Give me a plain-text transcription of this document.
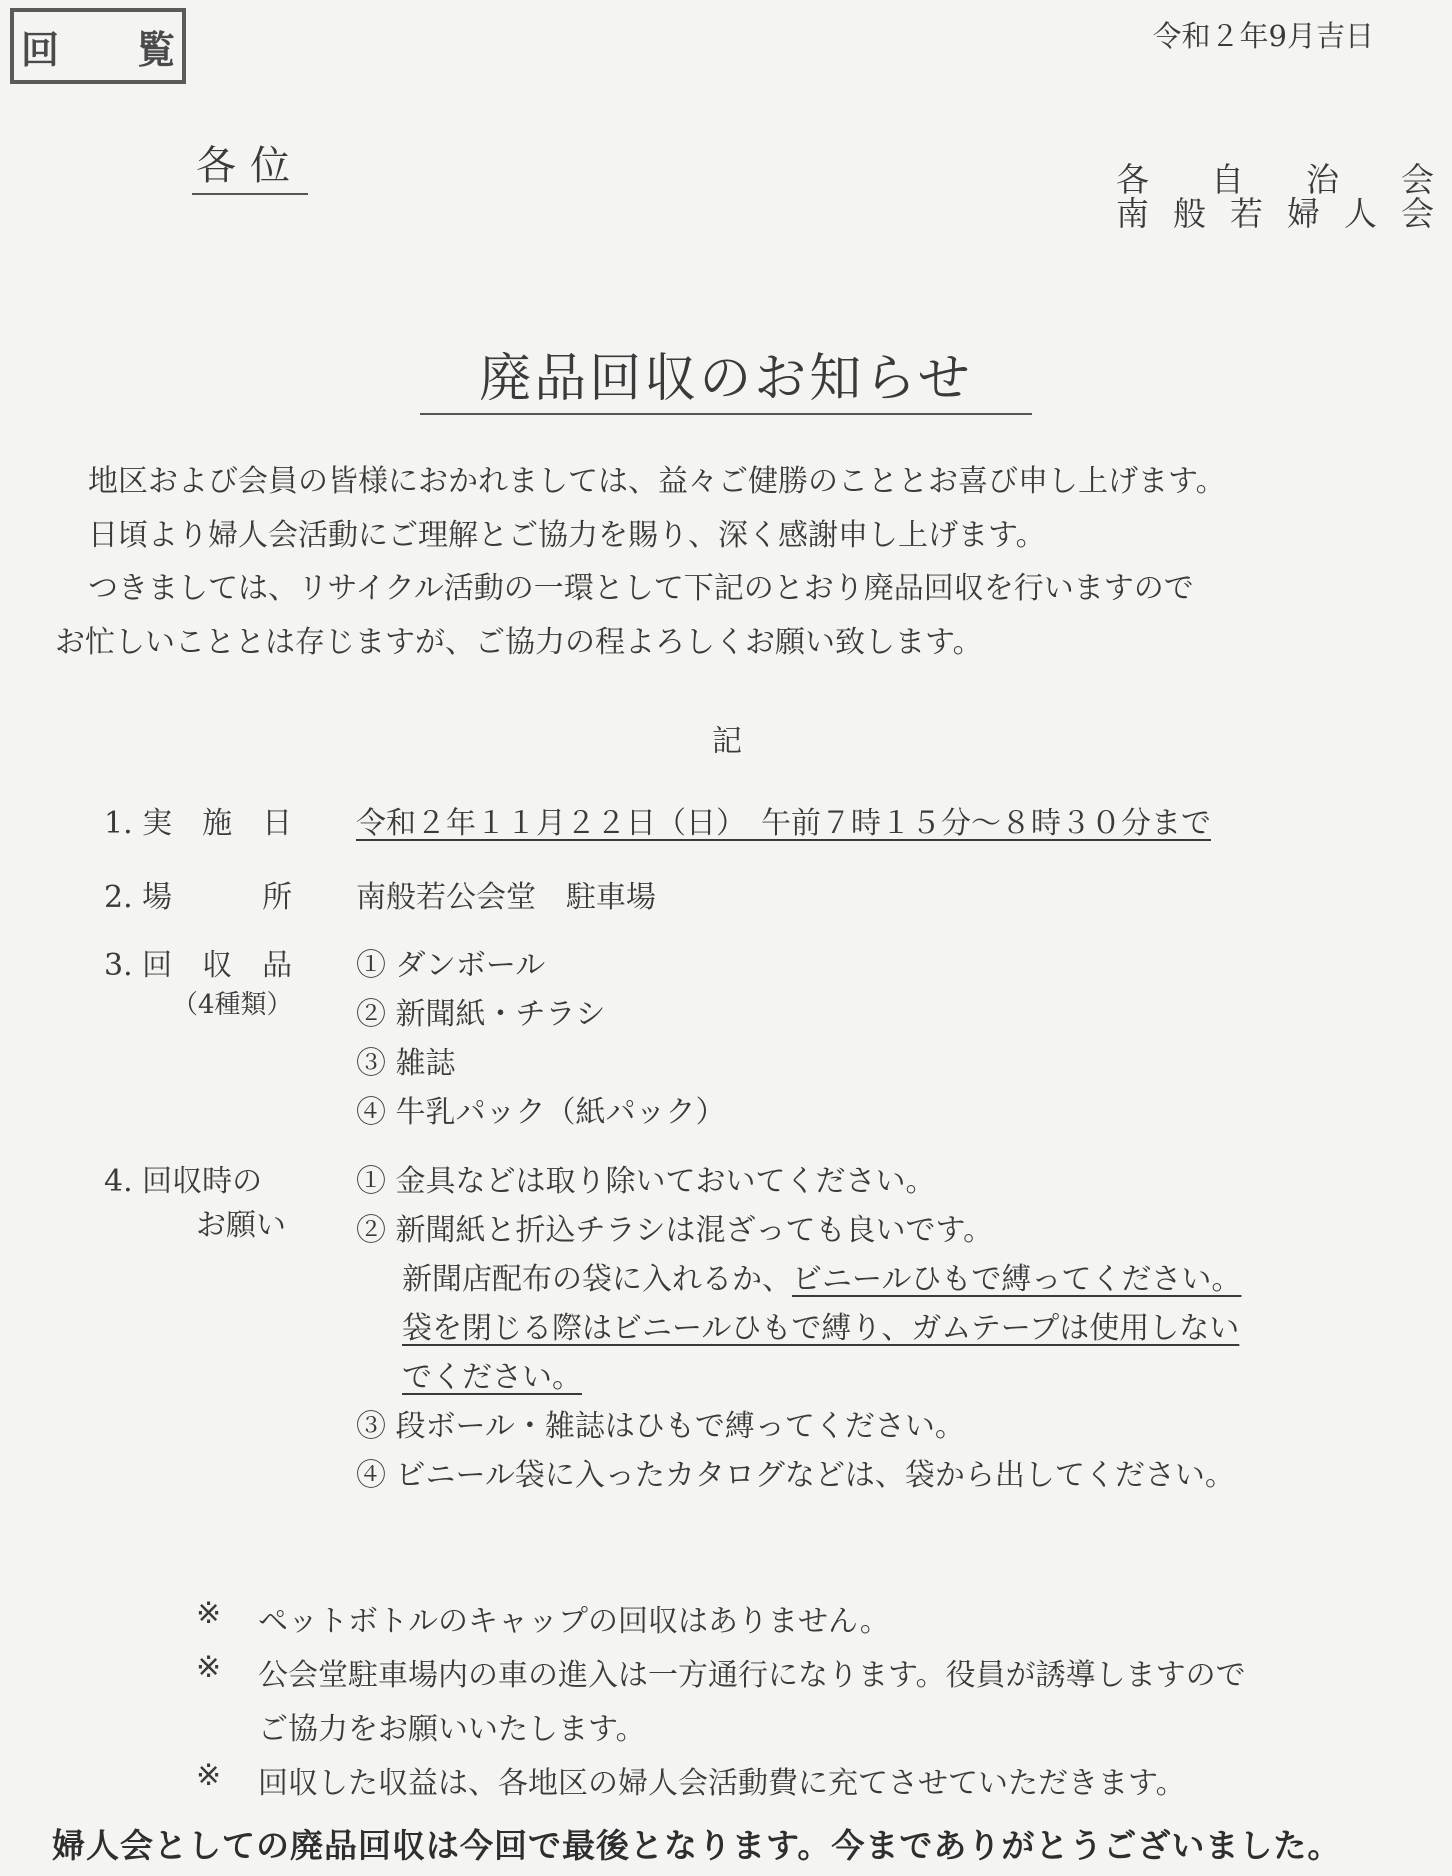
回　覧	令和２年9月吉日
各位	各 自 治 会
南 般 若 婦 人 会
廃品回収のお知らせ
地区および会員の皆様におかれましては、益々ご健勝のこととお喜び申し上げます。
日頃より婦人会活動にご理解とご協力を賜り、深く感謝申し上げます。
つきましては、リサイクル活動の一環として下記のとおり廃品回収を行いますので
お忙しいこととは存じますが、ご協力の程よろしくお願い致します。
記
1. 実　施　日 令和２年１１月２２日（日）　午前７時１５分～８時３０分まで
2. 場　　　所 南般若公会堂　駐車場
3. 回　収　品
（4種類）
① ダンボール
② 新聞紙・チラシ
③ 雑誌
④ 牛乳パック（紙パック）
4. 回収時の
お願い
① 金具などは取り除いておいてください。
② 新聞紙と折込チラシは混ざっても良いです。
新聞店配布の袋に入れるか、ビニールひもで縛ってください。
袋を閉じる際はビニールひもで縛り、ガムテープは使用しない
でください。
③ 段ボール・雑誌はひもで縛ってください。
④ ビニール袋に入ったカタログなどは、袋から出してください。
※ ペットボトルのキャップの回収はありません。
※ 公会堂駐車場内の車の進入は一方通行になります。役員が誘導しますので
ご協力をお願いいたします。
※ 回収した収益は、各地区の婦人会活動費に充てさせていただきます。
婦人会としての廃品回収は今回で最後となります。今までありがとうございました。
